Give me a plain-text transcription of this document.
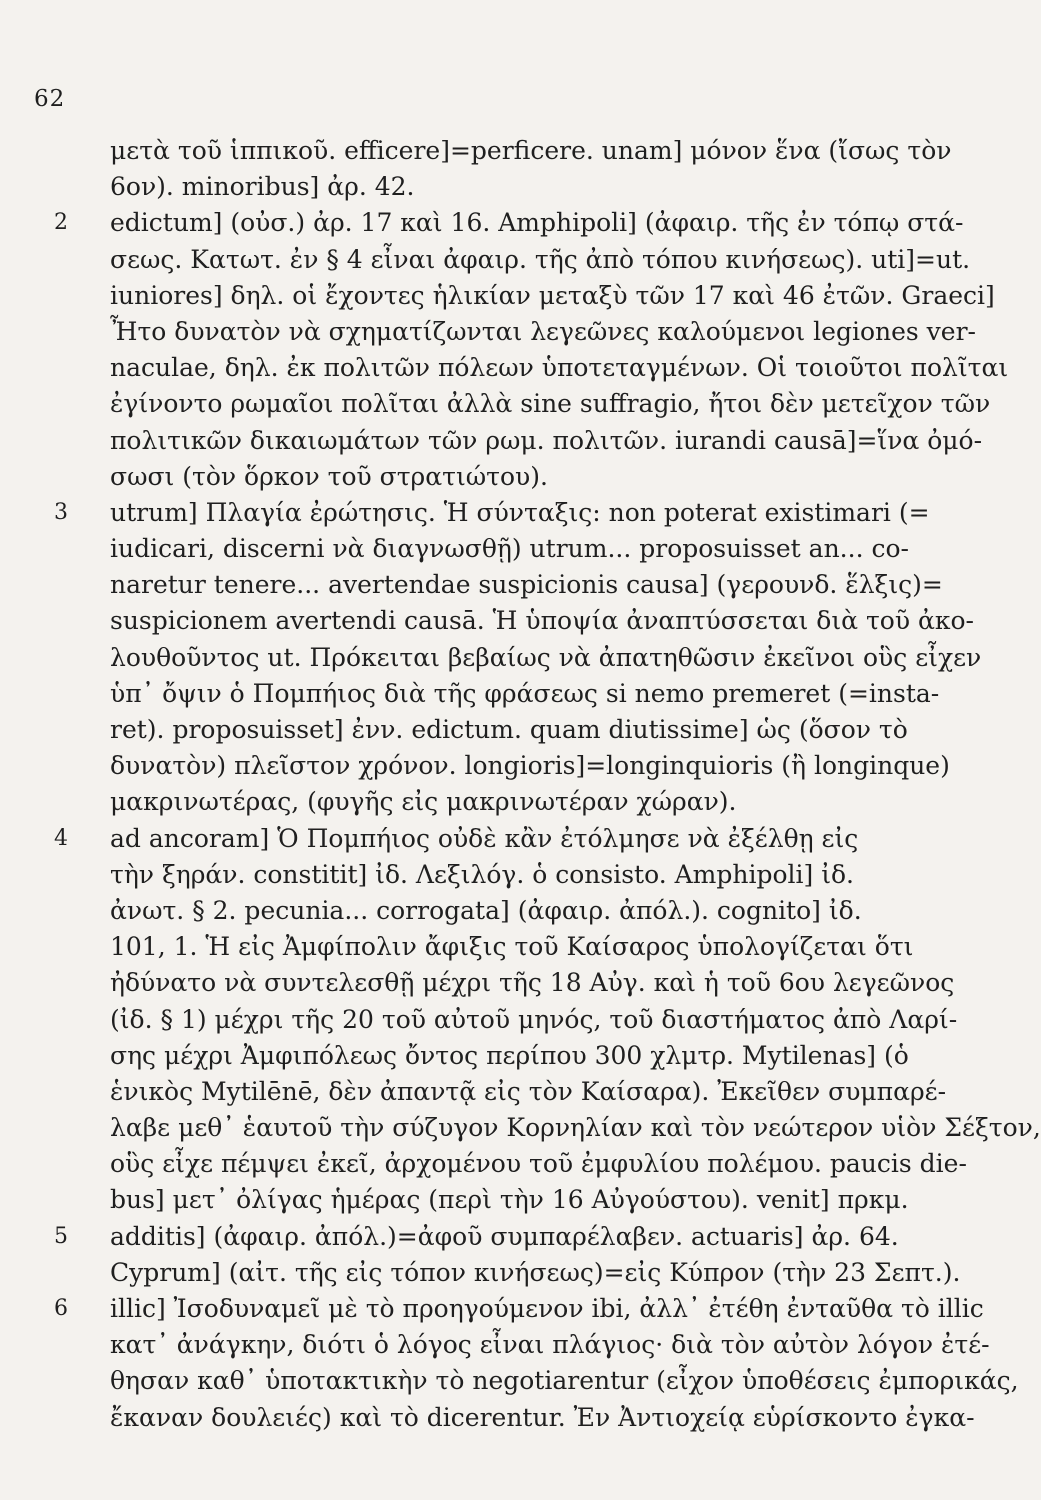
62
μετὰ τοῦ ἱππικοῦ. efficere]=perficere. unam] μόνον ἕνα (ἴσως τὸν
6ον). minoribus] ἀρ. 42.
2 edictum] (οὐσ.) ἀρ. 17 καὶ 16. Amphipoli] (ἀφαιρ. τῆς ἐν τόπῳ στά-
σεως. Κατωτ. ἐν § 4 εἶναι ἀφαιρ. τῆς ἀπὸ τόπου κινήσεως). uti]=ut.
iuniores] δηλ. οἱ ἔχοντες ἡλικίαν μεταξὺ τῶν 17 καὶ 46 ἐτῶν. Graeci]
Ἦτο δυνατὸν νὰ σχηματίζωνται λεγεῶνες καλούμενοι legiones ver-
naculae, δηλ. ἐκ πολιτῶν πόλεων ὑποτεταγμένων. Οἱ τοιοῦτοι πολῖται
ἐγίνοντο ρωμαῖοι πολῖται ἀλλὰ sine suffragio, ἤτοι δὲν μετεῖχον τῶν
πολιτικῶν δικαιωμάτων τῶν ρωμ. πολιτῶν. iurandi causā]=ἵνα ὀμό-
σωσι (τὸν ὅρκον τοῦ στρατιώτου).
3 utrum] Πλαγία ἐρώτησις. Ἡ σύνταξις: non poterat existimari (=
iudicari, discerni νὰ διαγνωσθῇ) utrum... proposuisset an... co-
naretur tenere... avertendae suspicionis causa] (γερουνδ. ἕλξις)=
suspicionem avertendi causā. Ἡ ὑποψία ἀναπτύσσεται διὰ τοῦ ἀκο-
λουθοῦντος ut. Πρόκειται βεβαίως νὰ ἀπατηθῶσιν ἐκεῖνοι οὓς εἶχεν
ὑπ᾽ ὄψιν ὁ Πομπήιος διὰ τῆς φράσεως si nemo premeret (=insta-
ret). proposuisset] ἐνν. edictum. quam diutissime] ὡς (ὅσον τὸ
δυνατὸν) πλεῖστον χρόνον. longioris]=longinquioris (ἢ longinque)
μακρινωτέρας, (φυγῆς εἰς μακρινωτέραν χώραν).
4 ad ancoram] Ὁ Πομπήιος οὐδὲ κἂν ἐτόλμησε νὰ ἐξέλθῃ εἰς
τὴν ξηράν. constitit] ἰδ. Λεξιλόγ. ὁ consisto. Amphipoli] ἰδ.
ἀνωτ. § 2. pecunia... corrogata] (ἀφαιρ. ἀπόλ.). cognito] ἰδ.
101, 1. Ἡ εἰς Ἀμφίπολιν ἄφιξις τοῦ Καίσαρος ὑπολογίζεται ὅτι
ἠδύνατο νὰ συντελεσθῇ μέχρι τῆς 18 Αὐγ. καὶ ἡ τοῦ 6ου λεγεῶνος
(ἰδ. § 1) μέχρι τῆς 20 τοῦ αὐτοῦ μηνός, τοῦ διαστήματος ἀπὸ Λαρί-
σης μέχρι Ἀμφιπόλεως ὄντος περίπου 300 χλμτρ. Mytilenas] (ὁ
ἑνικὸς Mytilēnē, δὲν ἀπαντᾷ εἰς τὸν Καίσαρα). Ἐκεῖθεν συμπαρέ-
λαβε μεθ᾽ ἑαυτοῦ τὴν σύζυγον Κορνηλίαν καὶ τὸν νεώτερον υἱὸν Σέξτον,
οὓς εἶχε πέμψει ἐκεῖ, ἀρχομένου τοῦ ἐμφυλίου πολέμου. paucis die-
bus] μετ᾽ ὀλίγας ἡμέρας (περὶ τὴν 16 Αὐγούστου). venit] πρκμ.
5 additis] (ἀφαιρ. ἀπόλ.)=ἀφοῦ συμπαρέλαβεν. actuaris] ἀρ. 64.
Cyprum] (αἰτ. τῆς εἰς τόπον κινήσεως)=εἰς Κύπρον (τὴν 23 Σεπτ.).
6 illic] Ἰσοδυναμεῖ μὲ τὸ προηγούμενον ibi, ἀλλ᾽ ἐτέθη ἐνταῦθα τὸ illic
κατ᾽ ἀνάγκην, διότι ὁ λόγος εἶναι πλάγιος· διὰ τὸν αὐτὸν λόγον ἐτέ-
θησαν καθ᾽ ὑποτακτικὴν τὸ negotiarentur (εἶχον ὑποθέσεις ἐμπορικάς,
ἔκαναν δουλειές) καὶ τὸ dicerentur. Ἐν Ἀντιοχείᾳ εὑρίσκοντο ἐγκα-
